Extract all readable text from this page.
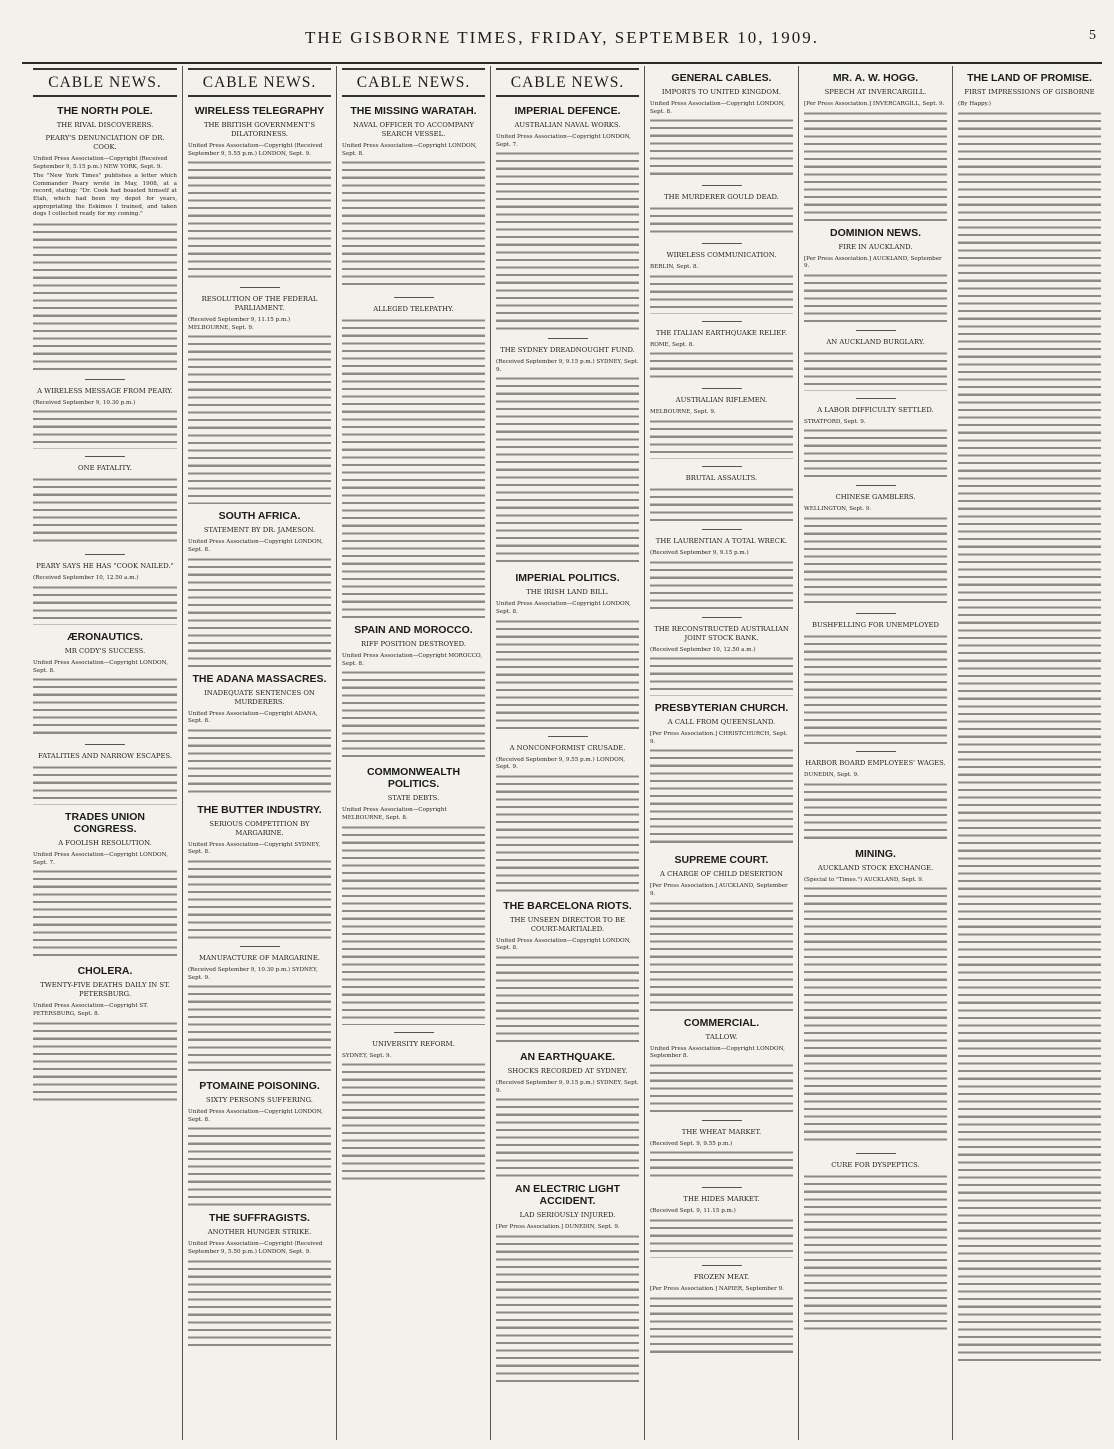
THE GISBORNE TIMES, FRIDAY, SEPTEMBER 10, 1909.	5
CABLE NEWS.
THE NORTH POLE.
THE RIVAL DISCOVERERS.
PEARY'S DENUNCIATION OF DR. COOK.
United Press Association—Copyright (Received September 9, 5.15 p.m.) NEW YORK, Sept. 9.

The "New York Times" publishes a letter which Commander Peary wrote in May, 1908, at a record, stating: "Dr. Cook had boasted himself at Etah, which had been my depot for years, appropriating the Eskimos I trained, and taken dogs I collected ready for my coming."

A WIRELESS MESSAGE FROM PEARY.
(Received September 9, 10.30 p.m.)
ONE FATALITY.
PEARY SAYS HE HAS "COOK NAILED."
(Received September 10, 12.50 a.m.)
ÆRONAUTICS.
MR CODY'S SUCCESS.
United Press Association—Copyright LONDON, Sept. 8.
FATALITIES AND NARROW ESCAPES.
TRADES UNION CONGRESS.
A FOOLISH RESOLUTION.
United Press Association—Copyright LONDON, Sept. 7.
CHOLERA.
TWENTY-FIVE DEATHS DAILY IN ST. PETERSBURG.
United Press Association—Copyright ST. PETERSBURG, Sept. 8.
CABLE NEWS.
WIRELESS TELEGRAPHY
THE BRITISH GOVERNMENT'S DILATORINESS.
United Press Association—Copyright (Received September 9, 5.55 p.m.) LONDON, Sept. 9.
RESOLUTION OF THE FEDERAL PARLIAMENT.
(Received September 9, 11.15 p.m.) MELBOURNE, Sept. 9.
SOUTH AFRICA.
STATEMENT BY DR. JAMESON.
United Press Association—Copyright LONDON, Sept. 8.
THE ADANA MASSACRES.
INADEQUATE SENTENCES ON MURDERERS.
United Press Association—Copyright ADANA, Sept. 8.
THE BUTTER INDUSTRY.
SERIOUS COMPETITION BY MARGARINE.
United Press Association—Copyright SYDNEY, Sept. 8.
MANUFACTURE OF MARGARINE.
(Received September 9, 10.30 p.m.) SYDNEY, Sept. 9.
PTOMAINE POISONING.
SIXTY PERSONS SUFFERING.
United Press Association—Copyright LONDON, Sept. 8.
THE SUFFRAGISTS.
ANOTHER HUNGER STRIKE.
United Press Association—Copyright (Received September 9, 5.50 p.m.) LONDON, Sept. 9.
CABLE NEWS.
THE MISSING WARATAH.
NAVAL OFFICER TO ACCOMPANY SEARCH VESSEL.
United Press Association—Copyright LONDON, Sept. 8.
ALLEGED TELEPATHY.
SPAIN AND MOROCCO.
RIFF POSITION DESTROYED.
United Press Association—Copyright MOROCCO, Sept. 8.
COMMONWEALTH POLITICS.
STATE DEBTS.
United Press Association—Copyright MELBOURNE, Sept. 8.
UNIVERSITY REFORM.
SYDNEY, Sept. 9.
CABLE NEWS.
IMPERIAL DEFENCE.
AUSTRALIAN NAVAL WORKS.
United Press Association—Copyright LONDON, Sept. 7.
THE SYDNEY DREADNOUGHT FUND.
(Received September 9, 9.15 p.m.) SYDNEY, Sept. 9.
IMPERIAL POLITICS.
THE IRISH LAND BILL.
United Press Association—Copyright LONDON, Sept. 8.
A NONCONFORMIST CRUSADE.
(Received September 9, 9.55 p.m.) LONDON, Sept. 9.
THE BARCELONA RIOTS.
THE UNSEEN DIRECTOR TO BE COURT-MARTIALED.
United Press Association—Copyright LONDON, Sept. 8.
AN EARTHQUAKE.
SHOCKS RECORDED AT SYDNEY.
(Received September 9, 9.15 p.m.) SYDNEY, Sept. 9.
AN ELECTRIC LIGHT ACCIDENT.
LAD SERIOUSLY INJURED.
[Per Press Association.] DUNEDIN, Sept. 9.
GENERAL CABLES.
IMPORTS TO UNITED KINGDOM.
United Press Association—Copyright LONDON, Sept. 8.
THE MURDERER GOULD DEAD.
WIRELESS COMMUNICATION.
BERLIN, Sept. 8.
THE ITALIAN EARTHQUAKE RELIEF.
ROME, Sept. 8.
AUSTRALIAN RIFLEMEN.
MELBOURNE, Sept. 9.
BRUTAL ASSAULTS.
THE LAURENTIAN A TOTAL WRECK.
(Received September 9, 9.15 p.m.)
THE RECONSTRUCTED AUSTRALIAN JOINT STOCK BANK.
(Received September 10, 12.50 a.m.)
PRESBYTERIAN CHURCH.
A CALL FROM QUEENSLAND.
[Per Press Association.] CHRISTCHURCH, Sept. 9.
SUPREME COURT.
A CHARGE OF CHILD DESERTION
[Per Press Association.] AUCKLAND, September 9.
COMMERCIAL.
TALLOW.
United Press Association—Copyright LONDON, September 8.
THE WHEAT MARKET.
(Received Sept. 9, 9.55 p.m.)
THE HIDES MARKET.
(Received Sept. 9, 11.15 p.m.)
FROZEN MEAT.
[Per Press Association.] NAPIER, September 9.
MR. A. W. HOGG.
SPEECH AT INVERCARGILL.
[Per Press Association.] INVERCARGILL, Sept. 9.
DOMINION NEWS.
FIRE IN AUCKLAND.
[Per Press Association.] AUCKLAND, September 9.
AN AUCKLAND BURGLARY.
A LABOR DIFFICULTY SETTLED.
STRATFORD, Sept. 9.
CHINESE GAMBLERS.
WELLINGTON, Sept. 9.
BUSHFELLING FOR UNEMPLOYED
HARBOR BOARD EMPLOYEES' WAGES.
DUNEDIN, Sept. 9.
MINING.
AUCKLAND STOCK EXCHANGE.
(Special to "Times.") AUCKLAND, Sept. 9.
CURE FOR DYSPEPTICS.
THE LAND OF PROMISE.
FIRST IMPRESSIONS OF GISBORNE
(By Happy.)
